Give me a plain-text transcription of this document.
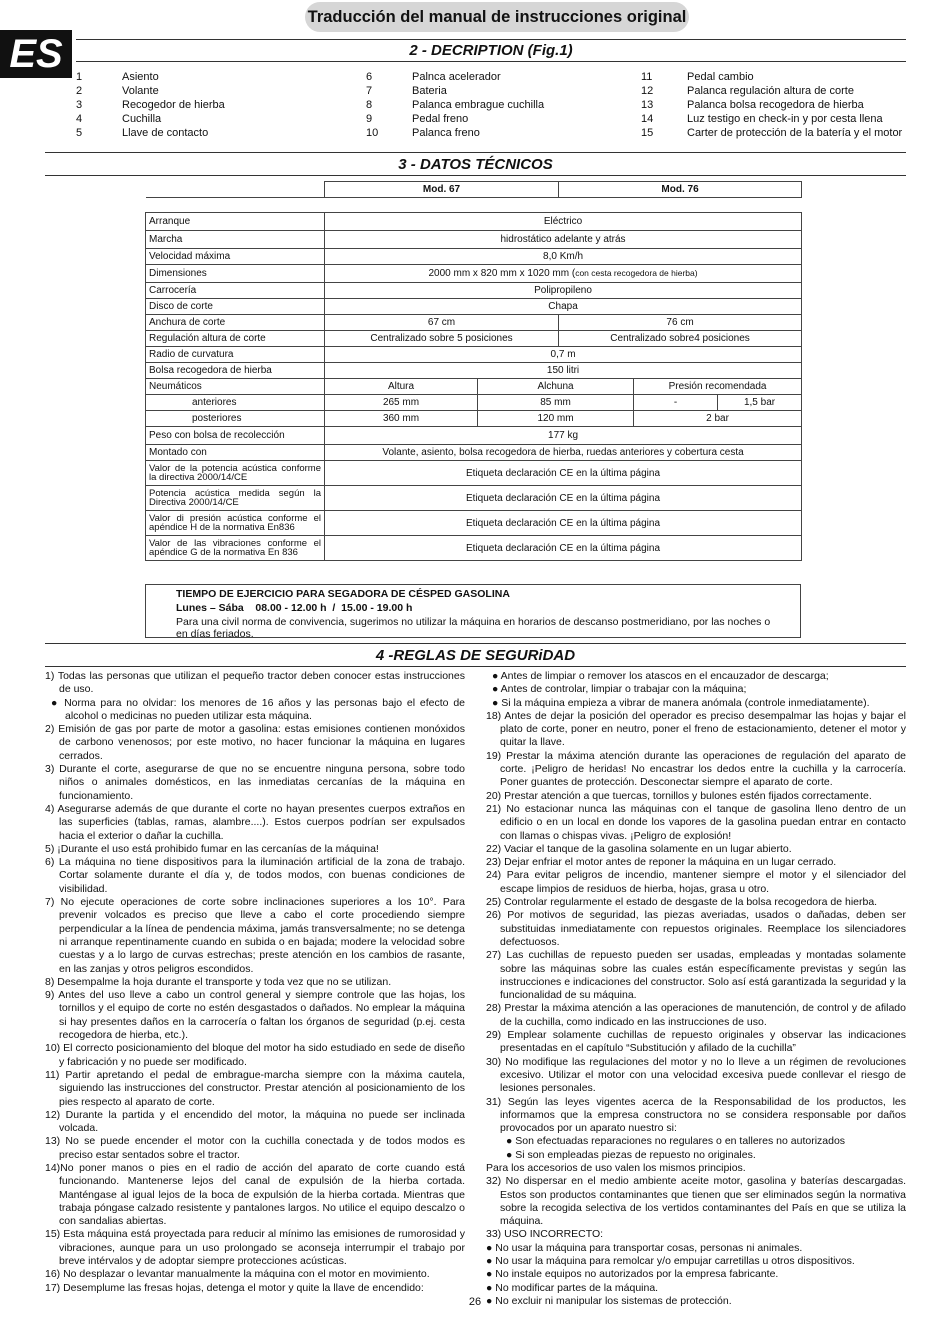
Traducción del manual de instrucciones original
ES	2 - DECRIPTION (Fig.1)
1	Asiento
2	Volante
3	Recogedor de hierba
4	Cuchilla
5	Llave de contacto
6	Palnca acelerador
7	Bateria
8	Palanca embrague cuchilla
9	Pedal freno
10	Palanca freno
11	Pedal cambio
12	Palanca regulación altura de corte
13	Palanca bolsa recogedora de hierba
14	Luz testigo en check-in y por cesta llena
15	Carter de protección de la batería y el motor
3 - DATOS TÉCNICOS
	Mod. 67		Mod. 76		

Arranque	Eléctrico				
Marcha	hidrostático adelante y atrás				
Velocidad máxima	8,0 Km/h				
Dimensiones	2000 mm x 820 mm x 1020 mm (con cesta recogedora de hierba)				
Carrocería	Polipropileno				
Disco de corte	Chapa				
Anchura de corte	67 cm		76 cm		
Regulación altura de corte	Centralizado sobre 5 posiciones		Centralizado sobre4 posiciones		
Radio de curvatura	0,7 m				
Bolsa recogedora de hierba	150 litri				
Neumáticos	Altura	Alchuna		Presión recomendada	
anteriores	265 mm	85 mm		-	1,5 bar
posteriores	360 mm	120 mm		2 bar	
Peso con bolsa de recolección	177 kg				
Montado con	Volante, asiento, bolsa recogedora de hierba, ruedas anteriores y cobertura cesta				
Valor de la potencia acústica conforme la directiva 2000/14/CE	Etiqueta declaración CE en la última página				
Potencia acústica medida según la Directiva 2000/14/CE	Etiqueta declaración CE en la última página				
Valor di presión acústica conforme el apéndice H de la normativa En836	Etiqueta declaración CE en la última página				
Valor de las vibraciones conforme el apéndice G de la normativa En 836	Etiqueta declaración CE en la última página				
TIEMPO DE EJERCICIO PARA SEGADORA DE CÉSPED GASOLINA
Lunes – Sába    08.00 - 12.00 h  /  15.00 - 19.00 h
Para una civil norma de convivencia, sugerimos no utilizar la máquina en horarios de descanso postmeridiano, por las noches o en días feriados.
4 -REGLAS DE SEGURiDAD

1) Todas las personas que utilizan el pequeño tractor deben conocer estas instrucciones de uso.

● Norma para no olvidar: los menores de 16 años y las personas bajo el efecto de alcohol o medicinas no pueden utilizar esta máquina.

2) Emisión de gas por parte de motor a gasolina: estas emisiones contienen monóxidos de carbono venenosos; por este motivo, no hacer funcionar la máquina en lugares cerrados.

3) Durante el corte, asegurarse de que no se encuentre ninguna persona, sobre todo niños o animales domésticos, en las inmediatas cercanías de la máquina en funcionamiento.

4) Asegurarse además de que durante el corte no hayan presentes cuerpos extraños en las superficies (tablas, ramas, alambre....). Estos cuerpos podrían ser expulsados hacia el exterior o dañar la cuchilla.

5) ¡Durante el uso está prohibido fumar en las cercanías de la máquina!

6) La máquina no tiene dispositivos para la iluminación artificial de la zona de trabajo. Cortar solamente durante el día y, de todos modos, con buenas condiciones de visibilidad.

7) No ejecute operaciones de corte sobre inclinaciones superiores a los 10°. Para prevenir volcados es preciso que lleve a cabo el corte procediendo siempre perpendicular a la línea de pendencia máxima, jamás transversalmente; no se detenga ni arranque repentinamente cuando en subida o en bajada; modere la velocidad sobre cuestas y a lo largo de curvas estrechas; preste atención en los cambios de rasante, en las zanjas y otros peligros escondidos.

8) Desempalme la hoja durante el transporte y toda vez que no se utilizan.

9) Antes del uso lleve a cabo un control general y siempre controle que las hojas, los tornillos y el equipo de corte no estén desgastados o dañados. No emplear la máquina si hay presentes daños en la carrocería o faltan los órganos de seguridad (p.ej. cesta recogedora de hierba, etc.).

10) El correcto posicionamiento del bloque del motor ha sido estudiado en sede de diseño y fabricación y no puede ser modificado.

11) Partir apretando el pedal de embrague-marcha siempre con la máxima cautela, siguiendo las instrucciones del constructor. Prestar atención al posicionamiento de los pies respecto al aparato de corte.

12) Durante la partida y el encendido del motor, la máquina no puede ser inclinada volcada.

13) No se puede encender el motor con la cuchilla conectada y de todos modos es preciso estar sentados sobre el tractor.

14)No poner manos o pies en el radio de acción del aparato de corte cuando está funcionando. Mantenerse lejos del canal de expulsión de la hierba cortada. Manténgase al igual lejos de la boca de expulsión de la hierba cortada. Mientras que trabaja póngase calzado resistente y pantalones largos. No utilice el equipo descalzo o con sandalias abiertas.

15) Esta máquina está proyectada para reducir al mínimo las emisiones de rumorosidad y vibraciones, aunque para un uso prolongado se aconseja interrumpir el trabajo por breve intérvalos y de adoptar siempre protecciones acústicas.

16) No desplazar o levantar manualmente la máquina con el motor en movimiento.

17) Desemplume las fresas hojas, detenga el motor y quite la llave de encendido:

● Antes de limpiar o remover los atascos en el encauzador de descarga;

● Antes de controlar, limpiar o trabajar con la máquina;

● Si la máquina empieza a vibrar de manera anómala (controle inmediatamente).

18) Antes de dejar la posición del operador es preciso desempalmar las hojas y bajar el plato de corte, poner en neutro, poner el freno de estacionamiento, detener el motor y quitar la llave.

19) Prestar la máxima atención durante las operaciones de regulación del aparato de corte. ¡Peligro de heridas! No encastrar los dedos entre la cuchilla y la carrocería. Poner guantes de protección. Desconectar siempre el aparato de corte.

20) Prestar atención a que tuercas, tornillos y bulones estén fijados correctamente.

21) No estacionar nunca las máquinas con el tanque de gasolina lleno dentro de un edificio o en un local en donde los vapores de la gasolina puedan entrar en contacto con llamas o chispas vivas. ¡Peligro de explosión!

22) Vaciar el tanque de la gasolina solamente en un lugar abierto.

23) Dejar enfriar el motor antes de reponer la máquina en un lugar cerrado.

24) Para evitar peligros de incendio, mantener siempre el motor y el silenciador del escape limpios de residuos de hierba, hojas, grasa u otro.

25) Controlar regularmente el estado de desgaste de la bolsa recogedora de hierba.

26) Por motivos de seguridad, las piezas averiadas, usados o dañadas, deben ser substituidas inmediatamente con repuestos originales. Reemplace los silenciadores defectuosos.

27) Las cuchillas de repuesto pueden ser usadas, empleadas y montadas solamente sobre las máquinas sobre las cuales están específicamente previstas y según las instrucciones e indicaciones del constructor. Solo así está garantizada la seguridad y la funcionalidad de su máquina.

28) Prestar la máxima atención a las operaciones de manutención, de control y de afilado de la cuchilla, como indicado en las instrucciones de uso.

29) Emplear solamente cuchillas de repuesto originales y observar las indicaciones presentadas en el capítulo “Substitución y afilado de la cuchilla”

30) No modifique las regulaciones del motor y no lo lleve a un régimen de revoluciones excesivo. Utilizar el motor con una velocidad excesiva puede conllevar el riesgo de lesiones personales.

31) Según las leyes vigentes acerca de la Responsabilidad de los productos, les informamos que la empresa constructora no se considera responsable por daños provocados por un aparato nuestro si:

● Son efectuadas reparaciones no regulares o en talleres no autorizados

● Si son empleadas piezas de repuesto no originales.

Para los accesorios de uso valen los mismos principios.

32) No dispersar en el medio ambiente aceite motor, gasolina y baterías descargadas. Estos son productos contaminantes que tienen que ser eliminados según la normativa sobre la recogida selectiva de los vertidos contaminantes del País en que se utiliza la máquina.

33) USO INCORRECTO:

● No usar la máquina para transportar cosas, personas ni animales.

● No usar la máquina para remolcar y/o empujar carretillas u otros dispositivos.

● No instale equipos no autorizados por la empresa fabricante.

● No modificar partes de la máquina.

● No excluir ni manipular los sistemas de protección.

26
